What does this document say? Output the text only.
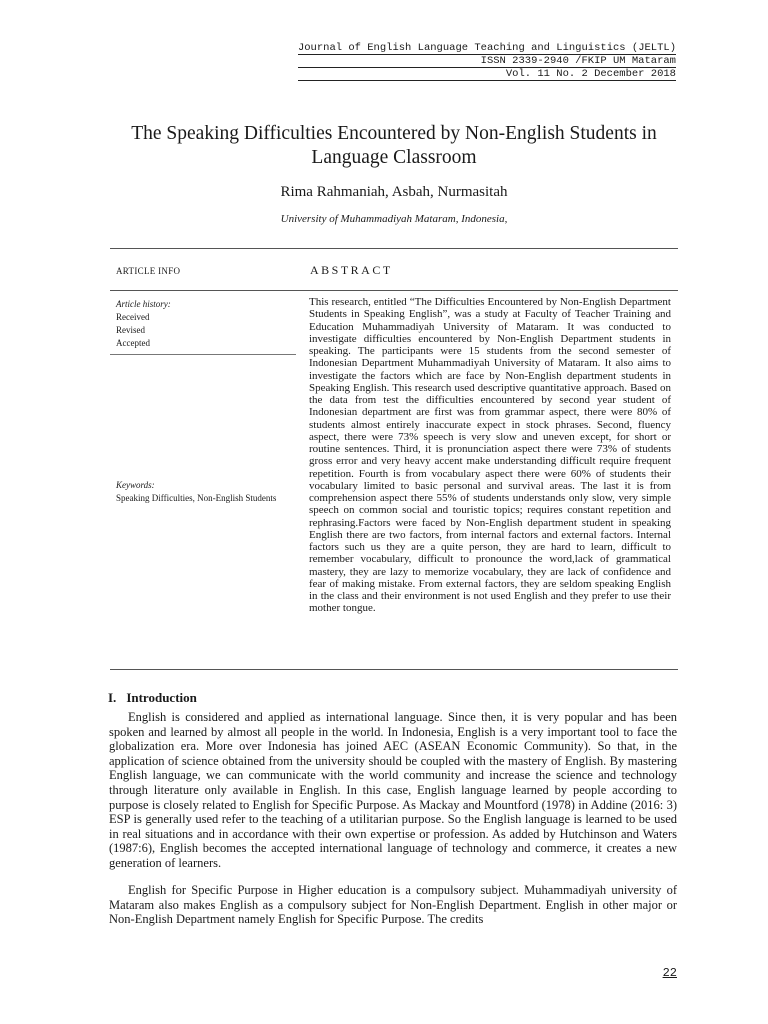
Journal of English Language Teaching and Linguistics (JELTL)
ISSN 2339-2940 /FKIP UM Mataram
Vol. 11 No. 2 December 2018
The Speaking Difficulties Encountered by Non-English Students in Language Classroom
Rima Rahmaniah, Asbah, Nurmasitah
University of Muhammadiyah Mataram, Indonesia,
ARTICLE INFO	ABSTRACT
Article history:
Received
Revised
Accepted
Keywords:
Speaking Difficulties, Non-English Students
This research, entitled “The Difficulties Encountered by Non-English Department Students in Speaking English”, was a study at Faculty of Teacher Training and Education Muhammadiyah University of Mataram. It was conducted to investigate difficulties encountered by Non-English Department students in speaking. The participants were 15 students from the second semester of Indonesian Department Muhammadiyah University of Mataram. It also aims to investigate the factors which are face by Non-English department students in Speaking English. This research used descriptive quantitative approach. Based on the data from test the difficulties encountered by second year student of Indonesian department are first was from grammar aspect, there were 80% of students almost entirely inaccurate expect in stock phrases. Second, fluency aspect, there were 73% speech is very slow and uneven except, for short or routine sentences. Third, it is pronunciation aspect there were 73% of students gross error and very heavy accent make understanding difficult require frequent repetition. Fourth is from vocabulary aspect there were 60% of students their vocabulary limited to basic personal and survival areas. The last it is from comprehension aspect there 55% of students understands only slow, very simple speech on common social and touristic topics; requires constant repetition and rephrasing.Factors were faced by Non-English department student in speaking English there are two factors, from internal factors and external factors. Internal factors such us they are a quite person, they are hard to learn, difficult to remember vocabulary, difficult to pronounce the word,lack of grammatical mastery, they are lazy to memorize vocabulary, they are lack of confidence and fear of making mistake. From external factors, they are seldom speaking English in the class and their environment is not used English and they prefer to use their mother tongue.
I. Introduction
English is considered and applied as international language. Since then, it is very popular and has been spoken and learned by almost all people in the world. In Indonesia, English is a very important tool to face the globalization era. More over Indonesia has joined AEC (ASEAN Economic Community). So that, in the application of science obtained from the university should be coupled with the mastery of English. By mastering English language, we can communicate with the world community and increase the science and technology through literature only available in English. In this case, English language learned by people according to purpose is closely related to English for Specific Purpose. As Mackay and Mountford (1978) in Addine (2016: 3) ESP is generally used refer to the teaching of a utilitarian purpose. So the English language is learned to be used in real situations and in accordance with their own expertise or profession. As added by Hutchinson and Waters (1987:6), English becomes the accepted international language of technology and commerce, it creates a new generation of learners.
English for Specific Purpose in Higher education is a compulsory subject. Muhammadiyah university of Mataram also makes English as a compulsory subject for Non-English Department. English in other major or Non-English Department namely English for Specific Purpose. The credits
22
